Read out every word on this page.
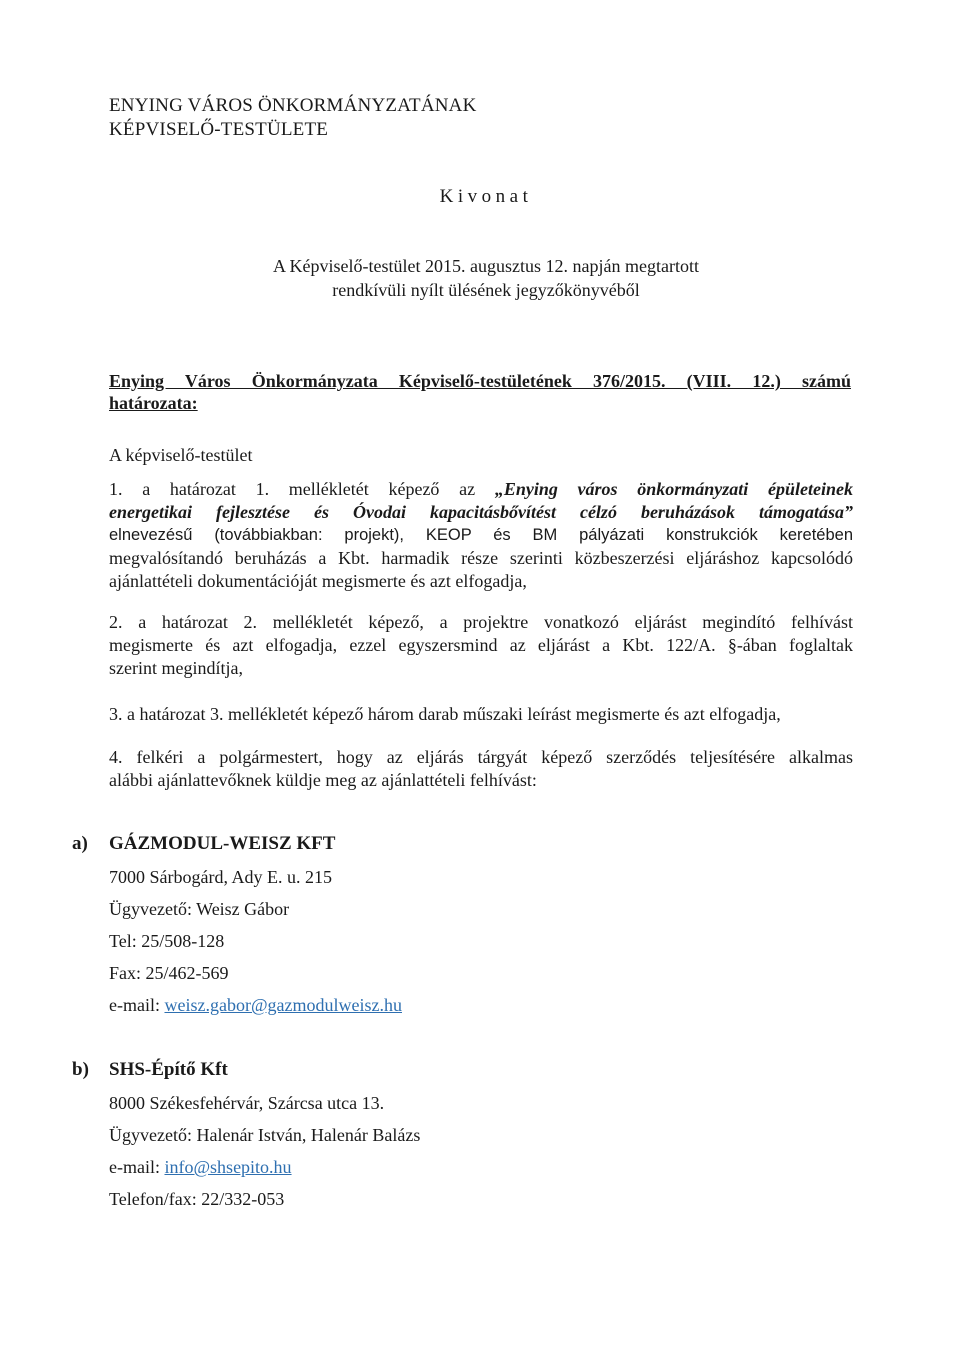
ENYING VÁROS ÖNKORMÁNYZATÁNAK
KÉPVISELŐ-TESTÜLETE
Kivonat
A Képviselő-testület 2015. augusztus 12. napján megtartott
rendkívüli nyílt ülésének jegyzőkönyvéből
Enying Város Önkormányzata Képviselő-testületének 376/2015. (VIII. 12.) számú
határozata:
A képviselő-testület
1. a határozat 1. mellékletét képező az „Enying város önkormányzati épületeinek
energetikai fejlesztése és Óvodai kapacitásbővítést célzó beruházások támogatása”
elnevezésű (továbbiakban: projekt), KEOP és BM pályázati konstrukciók keretében
megvalósítandó beruházás a Kbt. harmadik része szerinti közbeszerzési eljáráshoz kapcsolódó
ajánlattételi dokumentációját megismerte és azt elfogadja,
2. a határozat 2. mellékletét képező, a projektre vonatkozó eljárást megindító felhívást
megismerte és azt elfogadja, ezzel egyszersmind az eljárást a Kbt. 122/A. §-ában foglaltak
szerint megindítja,
3. a határozat 3. mellékletét képező három darab műszaki leírást megismerte és azt elfogadja,
4. felkéri a polgármestert, hogy az eljárás tárgyát képező szerződés teljesítésére alkalmas
alábbi ajánlattevőknek küldje meg az ajánlattételi felhívást:
a) GÁZMODUL-WEISZ KFT
7000 Sárbogárd, Ady E. u. 215
Ügyvezető: Weisz Gábor
Tel: 25/508-128
Fax: 25/462-569
e-mail: weisz.gabor@gazmodulweisz.hu
b) SHS-Építő Kft
8000 Székesfehérvár, Szárcsa utca 13.
Ügyvezető: Halenár István, Halenár Balázs
e-mail: info@shsepito.hu
Telefon/fax: 22/332-053
